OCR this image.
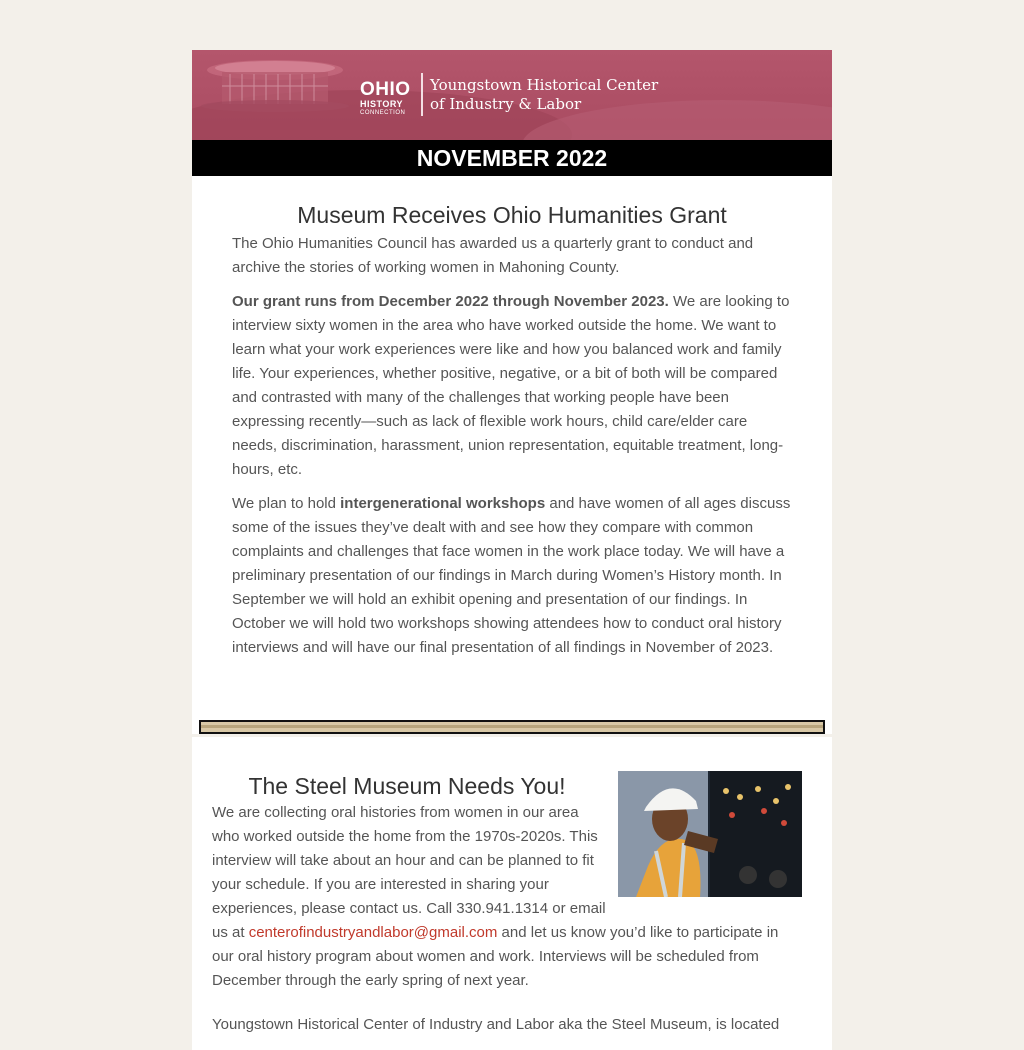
OHIO
HISTORY
CONNECTION
Youngstown Historical Center
of Industry & Labor
NOVEMBER 2022
Museum Receives Ohio Humanities Grant

The Ohio Humanities Council has awarded us a quarterly grant to conduct and archive the stories of working women in Mahoning County.

Our grant runs from December 2022 through November 2023. We are looking to interview sixty women in the area who have worked outside the home. We want to learn what your work experiences were like and how you balanced work and family life. Your experiences, whether positive, negative, or a bit of both will be compared and contrasted with many of the challenges that working people have been expressing recently—such as lack of flexible work hours, child care/elder care needs, discrimination, harassment, union representation, equitable treatment, long-hours, etc.

We plan to hold intergenerational workshops and have women of all ages discuss some of the issues they’ve dealt with and see how they compare with common complaints and challenges that face women in the work place today. We will have a preliminary presentation of our findings in March during Women’s History month. In September we will hold an exhibit opening and presentation of our findings. In October we will hold two workshops showing attendees how to conduct oral history interviews and will have our final presentation of all findings in November of 2023.

The Steel Museum Needs You!

We are collecting oral histories from women in our area who worked outside the home from the 1970s-2020s. This interview will take about an hour and can be planned to fit your schedule. If you are interested in sharing your experiences, please contact us. Call 330.941.1314 or email us at centerofindustryandlabor@gmail.com and let us know you’d like to participate in our oral history program about women and work. Interviews will be scheduled from December through the early spring of next year.

Youngstown Historical Center of Industry and Labor aka the Steel Museum, is located
